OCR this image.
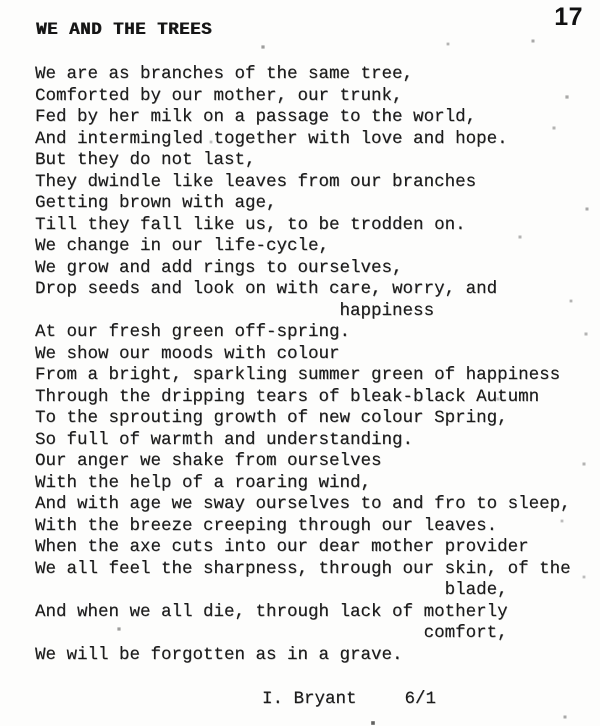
17
WE AND THE TREES
We are as branches of the same tree,
Comforted by our mother, our trunk,
Fed by her milk on a passage to the world,
And intermingled together with love and hope.
But they do not last,
They dwindle like leaves from our branches
Getting brown with age,
Till they fall like us, to be trodden on.
We change in our life-cycle,
We grow and add rings to ourselves,
Drop seeds and look on with care, worry, and
happiness
At our fresh green off-spring.
We show our moods with colour
From a bright, sparkling summer green of happiness
Through the dripping tears of bleak-black Autumn
To the sprouting growth of new colour Spring,
So full of warmth and understanding.
Our anger we shake from ourselves
With the help of a roaring wind,
And with age we sway ourselves to and fro to sleep,
With the breeze creeping through our leaves.
When the axe cuts into our dear mother provider
We all feel the sharpness, through our skin, of the
blade,
And when we all die, through lack of motherly
comfort,
We will be forgotten as in a grave.
I. Bryant	6/1
